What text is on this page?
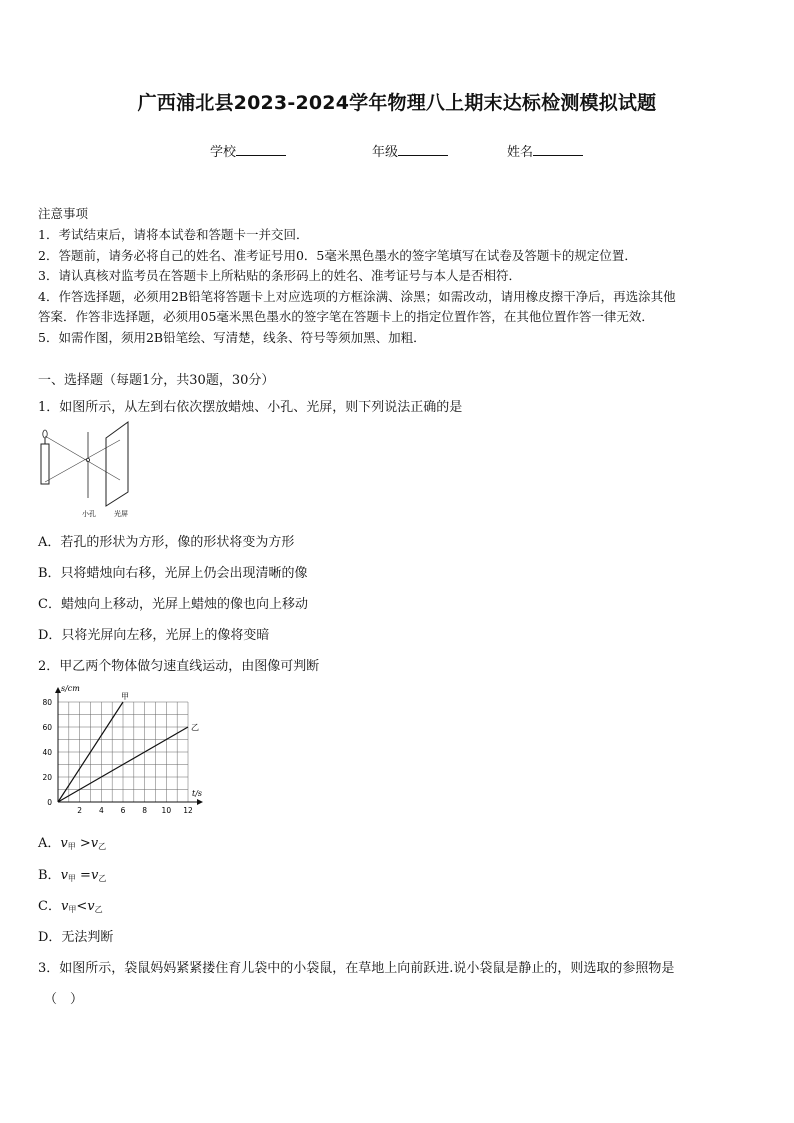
广西浦北县2023-2024学年物理八上期末达标检测模拟试题
学校	年级	姓名
注意事项
1．考试结束后，请将本试卷和答题卡一并交回．
2．答题前，请务必将自己的姓名、准考证号用0．5毫米黑色墨水的签字笔填写在试卷及答题卡的规定位置．
3．请认真核对监考员在答题卡上所粘贴的条形码上的姓名、准考证号与本人是否相符．
4．作答选择题，必须用2B铅笔将答题卡上对应选项的方框涂满、涂黑；如需改动，请用橡皮擦干净后，再选涂其他
答案．作答非选择题，必须用05毫米黑色墨水的签字笔在答题卡上的指定位置作答，在其他位置作答一律无效．
5．如需作图，须用2B铅笔绘、写清楚，线条、符号等须加黑、加粗．
一、选择题（每题1分，共30题，30分）
1．如图所示，从左到右依次摆放蜡烛、小孔、光屏，则下列说法正确的是
小孔	光屏
A．若孔的形状为方形，像的形状将变为方形
B．只将蜡烛向右移，光屏上仍会出现清晰的像
C．蜡烛向上移动，光屏上蜡烛的像也向上移动
D．只将光屏向左移，光屏上的像将变暗
2．甲乙两个物体做匀速直线运动，由图像可判断
2 4 6 8 10 12
0
20
40
60
80
t/s
s/cm
甲
乙
A．$v_甲 >v_乙$
B．$v_甲 =v_乙$
C．$v_甲<v_乙$
D．无法判断
3．如图所示，袋鼠妈妈紧紧搂住育儿袋中的小袋鼠，在草地上向前跃进.说小袋鼠是静止的，则选取的参照物是
（　）
